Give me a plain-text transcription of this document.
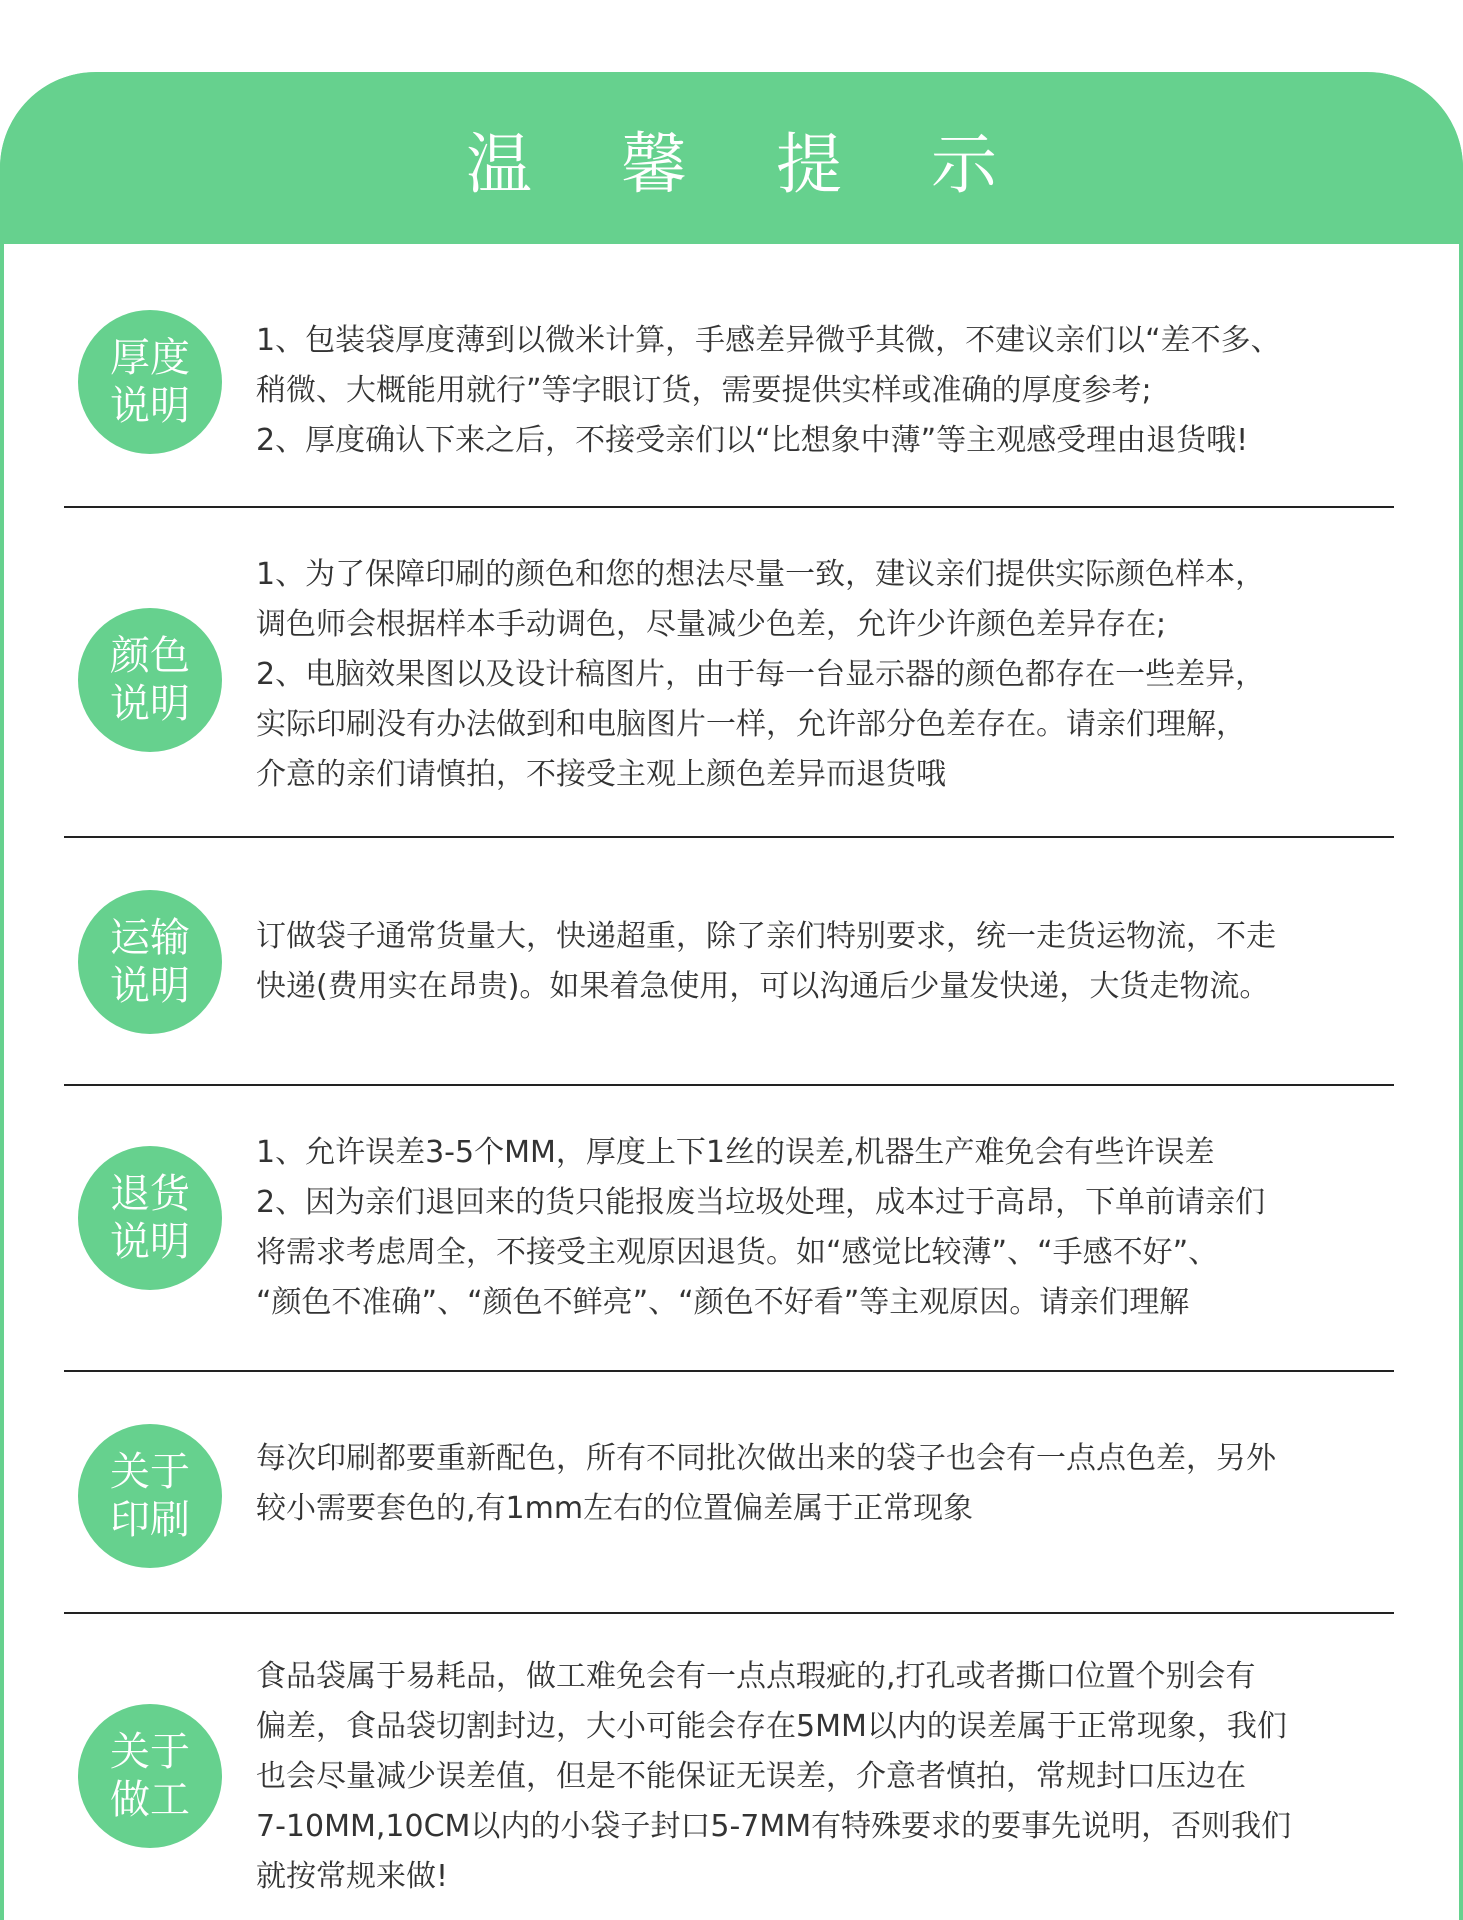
温 馨 提 示
厚度说明

1、包装袋厚度薄到以微米计算，手感差异微乎其微，不建议亲们以“差不多、

稍微、大概能用就行”等字眼订货，需要提供实样或准确的厚度参考;

2、厚度确认下来之后，不接受亲们以“比想象中薄”等主观感受理由退货哦!

颜色说明

1、为了保障印刷的颜色和您的想法尽量一致，建议亲们提供实际颜色样本，

调色师会根据样本手动调色，尽量减少色差，允许少许颜色差异存在;

2、电脑效果图以及设计稿图片，由于每一台显示器的颜色都存在一些差异，

实际印刷没有办法做到和电脑图片一样，允许部分色差存在。请亲们理解，

介意的亲们请慎拍，不接受主观上颜色差异而退货哦

运输说明

订做袋子通常货量大，快递超重，除了亲们特别要求，统一走货运物流，不走

快递(费用实在昂贵)。如果着急使用，可以沟通后少量发快递，大货走物流。

退货说明

1、允许误差3-5个MM，厚度上下1丝的误差,机器生产难免会有些许误差

2、因为亲们退回来的货只能报废当垃圾处理，成本过于高昂，下单前请亲们

将需求考虑周全，不接受主观原因退货。如“感觉比较薄”、“手感不好”、

“颜色不准确”、“颜色不鲜亮”、“颜色不好看”等主观原因。请亲们理解

关于印刷

每次印刷都要重新配色，所有不同批次做出来的袋子也会有一点点色差，另外

较小需要套色的,有1mm左右的位置偏差属于正常现象

关于做工

食品袋属于易耗品，做工难免会有一点点瑕疵的,打孔或者撕口位置个别会有

偏差，食品袋切割封边，大小可能会存在5MM以内的误差属于正常现象，我们

也会尽量减少误差值，但是不能保证无误差，介意者慎拍，常规封口压边在

7-10MM,10CM以内的小袋子封口5-7MM有特殊要求的要事先说明，否则我们

就按常规来做!
